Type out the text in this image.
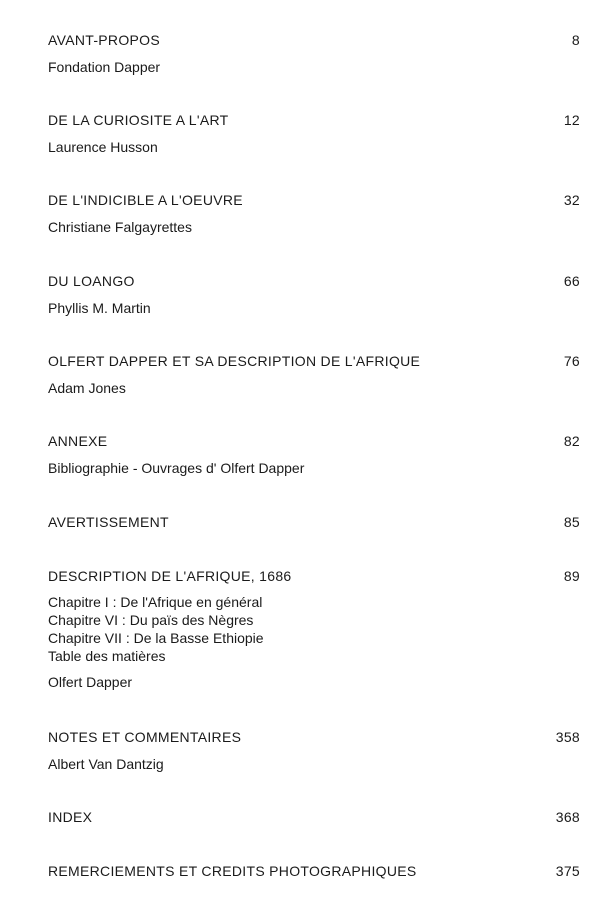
AVANT-PROPOS	8
Fondation Dapper
DE LA CURIOSITE A L'ART	12
Laurence Husson
DE L'INDICIBLE A L'OEUVRE	32
Christiane Falgayrettes
DU LOANGO	66
Phyllis M. Martin
OLFERT DAPPER ET SA DESCRIPTION DE L'AFRIQUE	76
Adam Jones
ANNEXE	82
Bibliographie - Ouvrages d' Olfert Dapper
AVERTISSEMENT	85
DESCRIPTION DE L'AFRIQUE, 1686	89
Chapitre I : De l'Afrique en général
Chapitre VI : Du païs des Nègres
Chapitre VII : De la Basse Ethiopie
Table des matières
Olfert Dapper
NOTES ET COMMENTAIRES	358
Albert Van Dantzig
INDEX	368
REMERCIEMENTS ET CREDITS PHOTOGRAPHIQUES	375
